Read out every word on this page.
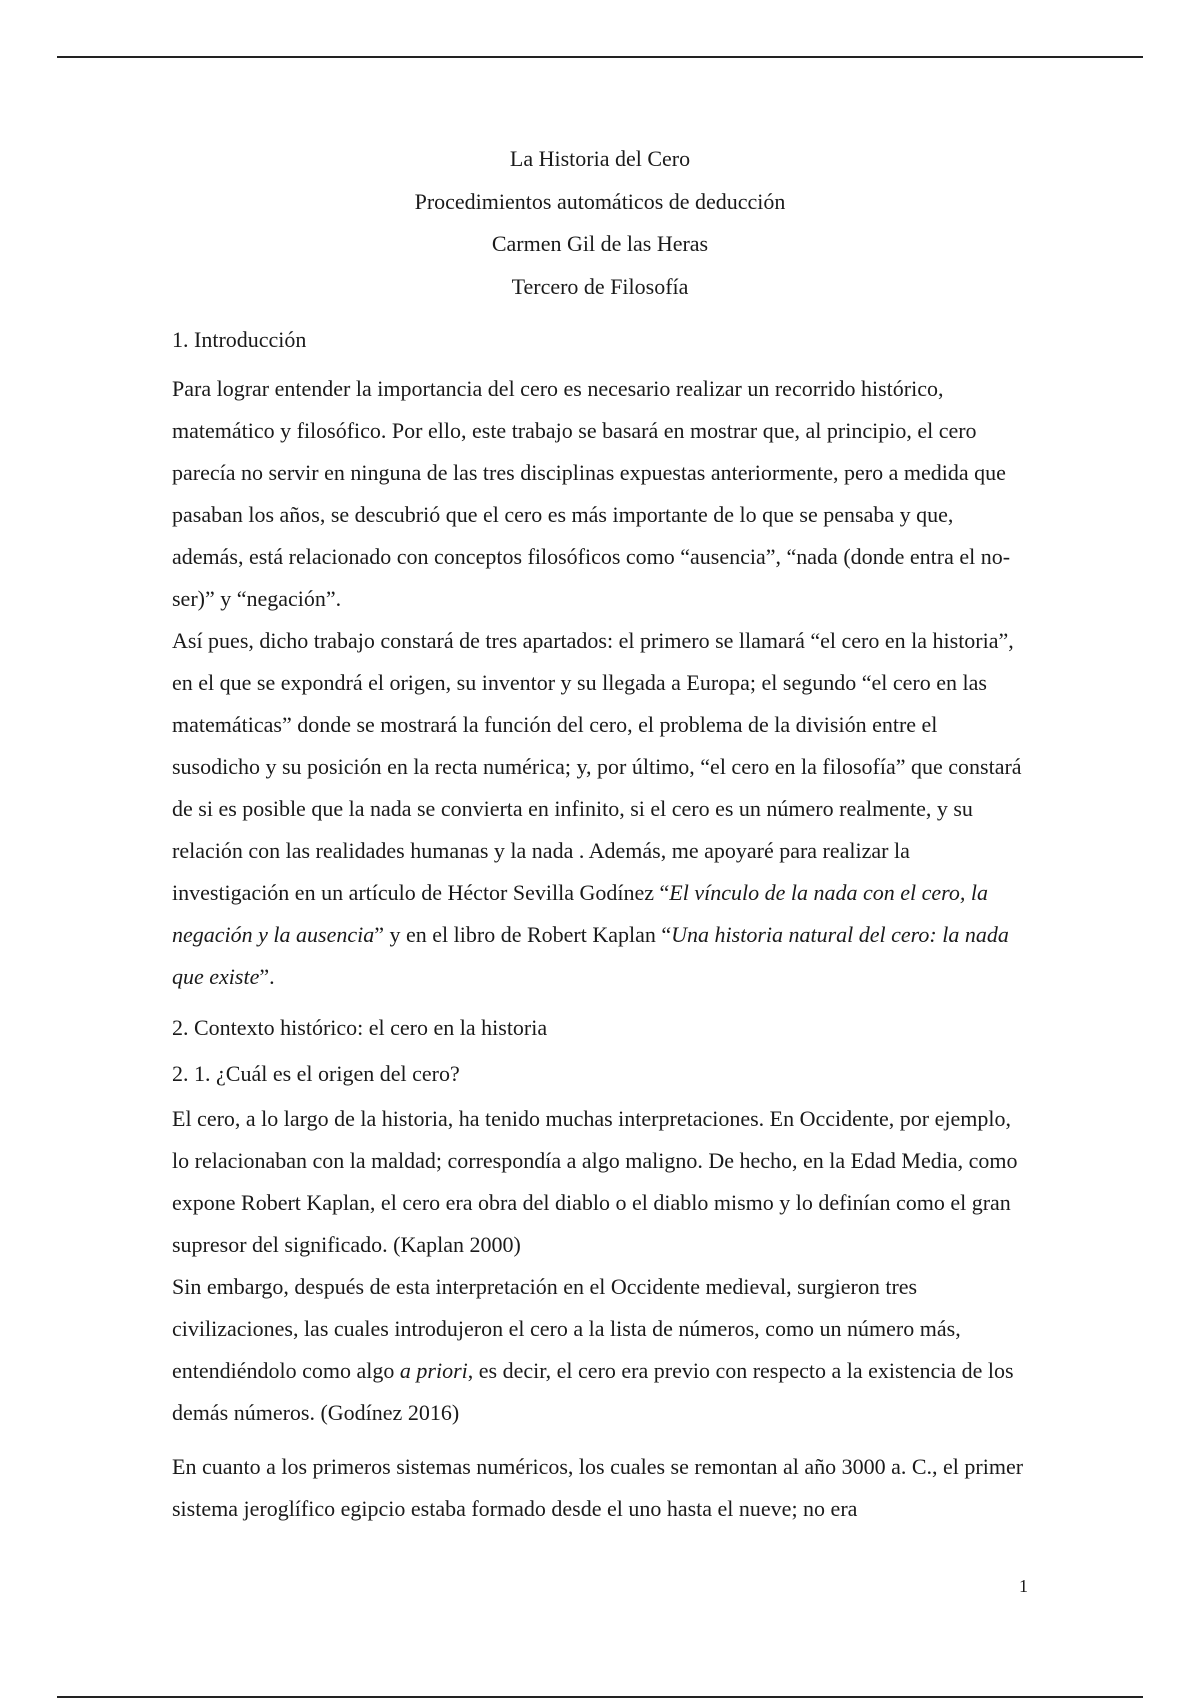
La Historia del Cero
Procedimientos automáticos de deducción
Carmen Gil de las Heras
Tercero de Filosofía

1. Introducción

Para lograr entender la importancia del cero es necesario realizar un recorrido histórico, matemático y filosófico. Por ello, este trabajo se basará en mostrar que, al principio, el cero parecía no servir en ninguna de las tres disciplinas expuestas anteriormente, pero a medida que pasaban los años, se descubrió que el cero es más importante de lo que se pensaba y que, además, está relacionado con conceptos filosóficos como “ausencia”, “nada (donde entra el no-ser)” y “negación”.

Así pues, dicho trabajo constará de tres apartados: el primero se llamará “el cero en la historia”, en el que se expondrá el origen, su inventor y su llegada a Europa; el segundo “el cero en las matemáticas” donde se mostrará la función del cero, el problema de la división entre el susodicho y su posición en la recta numérica; y, por último, “el cero en la filosofía” que constará de si es posible que la nada se convierta en infinito, si el cero es un número realmente, y su relación con las realidades humanas y la nada . Además, me apoyaré para realizar la investigación en un artículo de Héctor Sevilla Godínez “El vínculo de la nada con el cero, la negación y la ausencia” y en el libro de Robert Kaplan “Una historia natural del cero: la nada que existe”.

2. Contexto histórico: el cero en la historia

2. 1. ¿Cuál es el origen del cero?

El cero, a lo largo de la historia, ha tenido muchas interpretaciones. En Occidente, por ejemplo, lo relacionaban con la maldad; correspondía a algo maligno. De hecho, en la Edad Media, como expone Robert Kaplan, el cero era obra del diablo o el diablo mismo y lo definían como el gran supresor del significado. (Kaplan 2000)

Sin embargo, después de esta interpretación en el Occidente medieval, surgieron tres civilizaciones, las cuales introdujeron el cero a la lista de números, como un número más, entendiéndolo como algo a priori, es decir, el cero era previo con respecto a la existencia de los demás números. (Godínez 2016)

En cuanto a los primeros sistemas numéricos, los cuales se remontan al año 3000 a. C., el primer sistema jeroglífico egipcio estaba formado desde el uno hasta el nueve; no era

1
